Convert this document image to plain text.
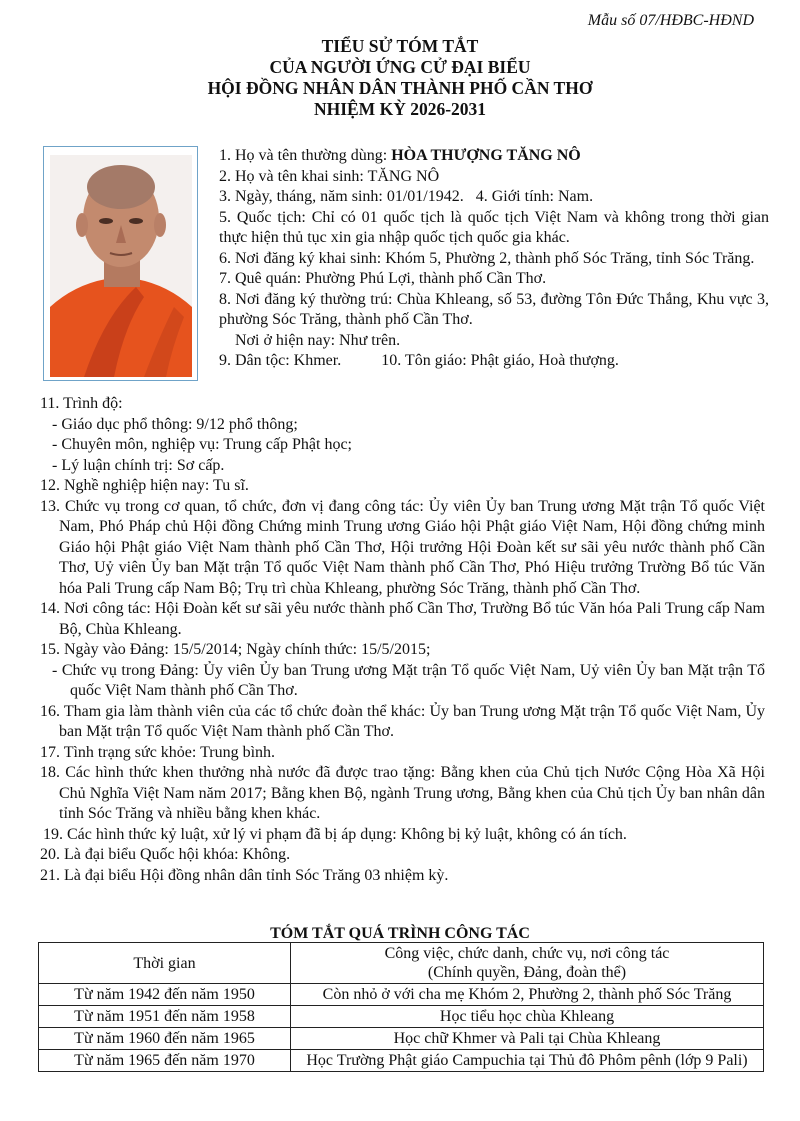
Mẫu số 07/HĐBC-HĐND
TIỂU SỬ TÓM TẮT
CỦA NGƯỜI ỨNG CỬ ĐẠI BIỂU
HỘI ĐỒNG NHÂN DÂN THÀNH PHỐ CẦN THƠ
NHIỆM KỲ 2026-2031
1. Họ và tên thường dùng: HÒA THƯỢNG TĂNG NÔ
2. Họ và tên khai sinh: TĂNG NÔ
3. Ngày, tháng, năm sinh: 01/01/1942. 4. Giới tính: Nam.
5. Quốc tịch: Chỉ có 01 quốc tịch là quốc tịch Việt Nam và không trong thời gian thực hiện thủ tục xin gia nhập quốc tịch quốc gia khác.
6. Nơi đăng ký khai sinh: Khóm 5, Phường 2, thành phố Sóc Trăng, tỉnh Sóc Trăng.
7. Quê quán: Phường Phú Lợi, thành phố Cần Thơ.
8. Nơi đăng ký thường trú: Chùa Khleang, số 53, đường Tôn Đức Thắng, Khu vực 3, phường Sóc Trăng, thành phố Cần Thơ.
Nơi ở hiện nay: Như trên.
9. Dân tộc: Khmer.	10. Tôn giáo: Phật giáo, Hoà thượng.
11. Trình độ:
- Giáo dục phổ thông: 9/12 phổ thông;
- Chuyên môn, nghiệp vụ: Trung cấp Phật học;
- Lý luận chính trị: Sơ cấp.
12. Nghề nghiệp hiện nay: Tu sĩ.
13. Chức vụ trong cơ quan, tổ chức, đơn vị đang công tác: Ủy viên Ủy ban Trung ương Mặt trận Tổ quốc Việt Nam, Phó Pháp chủ Hội đồng Chứng minh Trung ương Giáo hội Phật giáo Việt Nam, Hội đồng chứng minh Giáo hội Phật giáo Việt Nam thành phố Cần Thơ, Hội trưởng Hội Đoàn kết sư sãi yêu nước thành phố Cần Thơ, Uỷ viên Ủy ban Mặt trận Tổ quốc Việt Nam thành phố Cần Thơ, Phó Hiệu trưởng Trường Bổ túc Văn hóa Pali Trung cấp Nam Bộ; Trụ trì chùa Khleang, phường Sóc Trăng, thành phố Cần Thơ.
14. Nơi công tác: Hội Đoàn kết sư sãi yêu nước thành phố Cần Thơ, Trường Bổ túc Văn hóa Pali Trung cấp Nam Bộ, Chùa Khleang.
15. Ngày vào Đảng: 15/5/2014; Ngày chính thức: 15/5/2015;
- Chức vụ trong Đảng: Ủy viên Ủy ban Trung ương Mặt trận Tổ quốc Việt Nam, Uỷ viên Ủy ban Mặt trận Tổ quốc Việt Nam thành phố Cần Thơ.
16. Tham gia làm thành viên của các tổ chức đoàn thể khác: Ủy ban Trung ương Mặt trận Tổ quốc Việt Nam, Ủy ban Mặt trận Tổ quốc Việt Nam thành phố Cần Thơ.
17. Tình trạng sức khỏe: Trung bình.
18. Các hình thức khen thưởng nhà nước đã được trao tặng: Bằng khen của Chủ tịch Nước Cộng Hòa Xã Hội Chủ Nghĩa Việt Nam năm 2017; Bằng khen Bộ, ngành Trung ương, Bằng khen của Chủ tịch Ủy ban nhân dân tỉnh Sóc Trăng và nhiều bằng khen khác.
19. Các hình thức kỷ luật, xử lý vi phạm đã bị áp dụng: Không bị kỷ luật, không có án tích.
20. Là đại biểu Quốc hội khóa: Không.
21. Là đại biểu Hội đồng nhân dân tỉnh Sóc Trăng 03 nhiệm kỳ.
TÓM TẮT QUÁ TRÌNH CÔNG TÁC
Thời gian	Công việc, chức danh, chức vụ, nơi công tác
(Chính quyền, Đảng, đoàn thể)

Từ năm 1942 đến năm 1950	Còn nhỏ ở với cha mẹ Khóm 2, Phường 2, thành phố Sóc Trăng
Từ năm 1951 đến năm 1958	Học tiểu học chùa Khleang
Từ năm 1960 đến năm 1965	Học chữ Khmer và Pali tại Chùa Khleang
Từ năm 1965 đến năm 1970	Học Trường Phật giáo Campuchia tại Thủ đô Phôm pênh (lớp 9 Pali)
